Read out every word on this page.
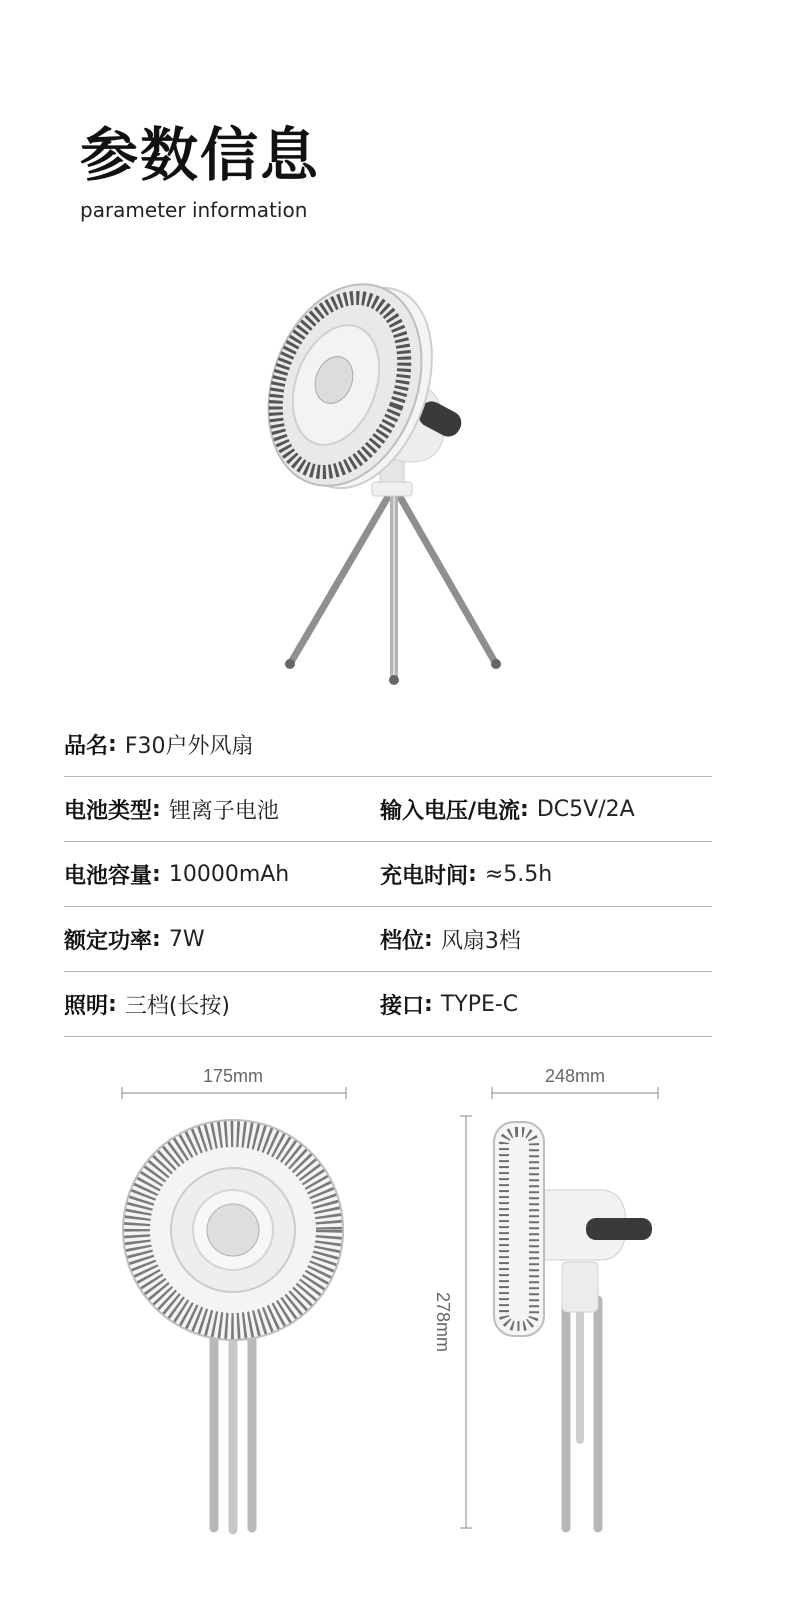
参数信息
parameter information
品名 : F30户外风扇
电池类型 : 锂离子电池	输入电压/电流 : DC5V/2A
电池容量 : 10000mAh	充电时间 : ≈5.5h
额定功率 : 7W	档位 : 风扇3档
照明 : 三档(长按)	接口 : TYPE-C
175mm	248mm
278mm
